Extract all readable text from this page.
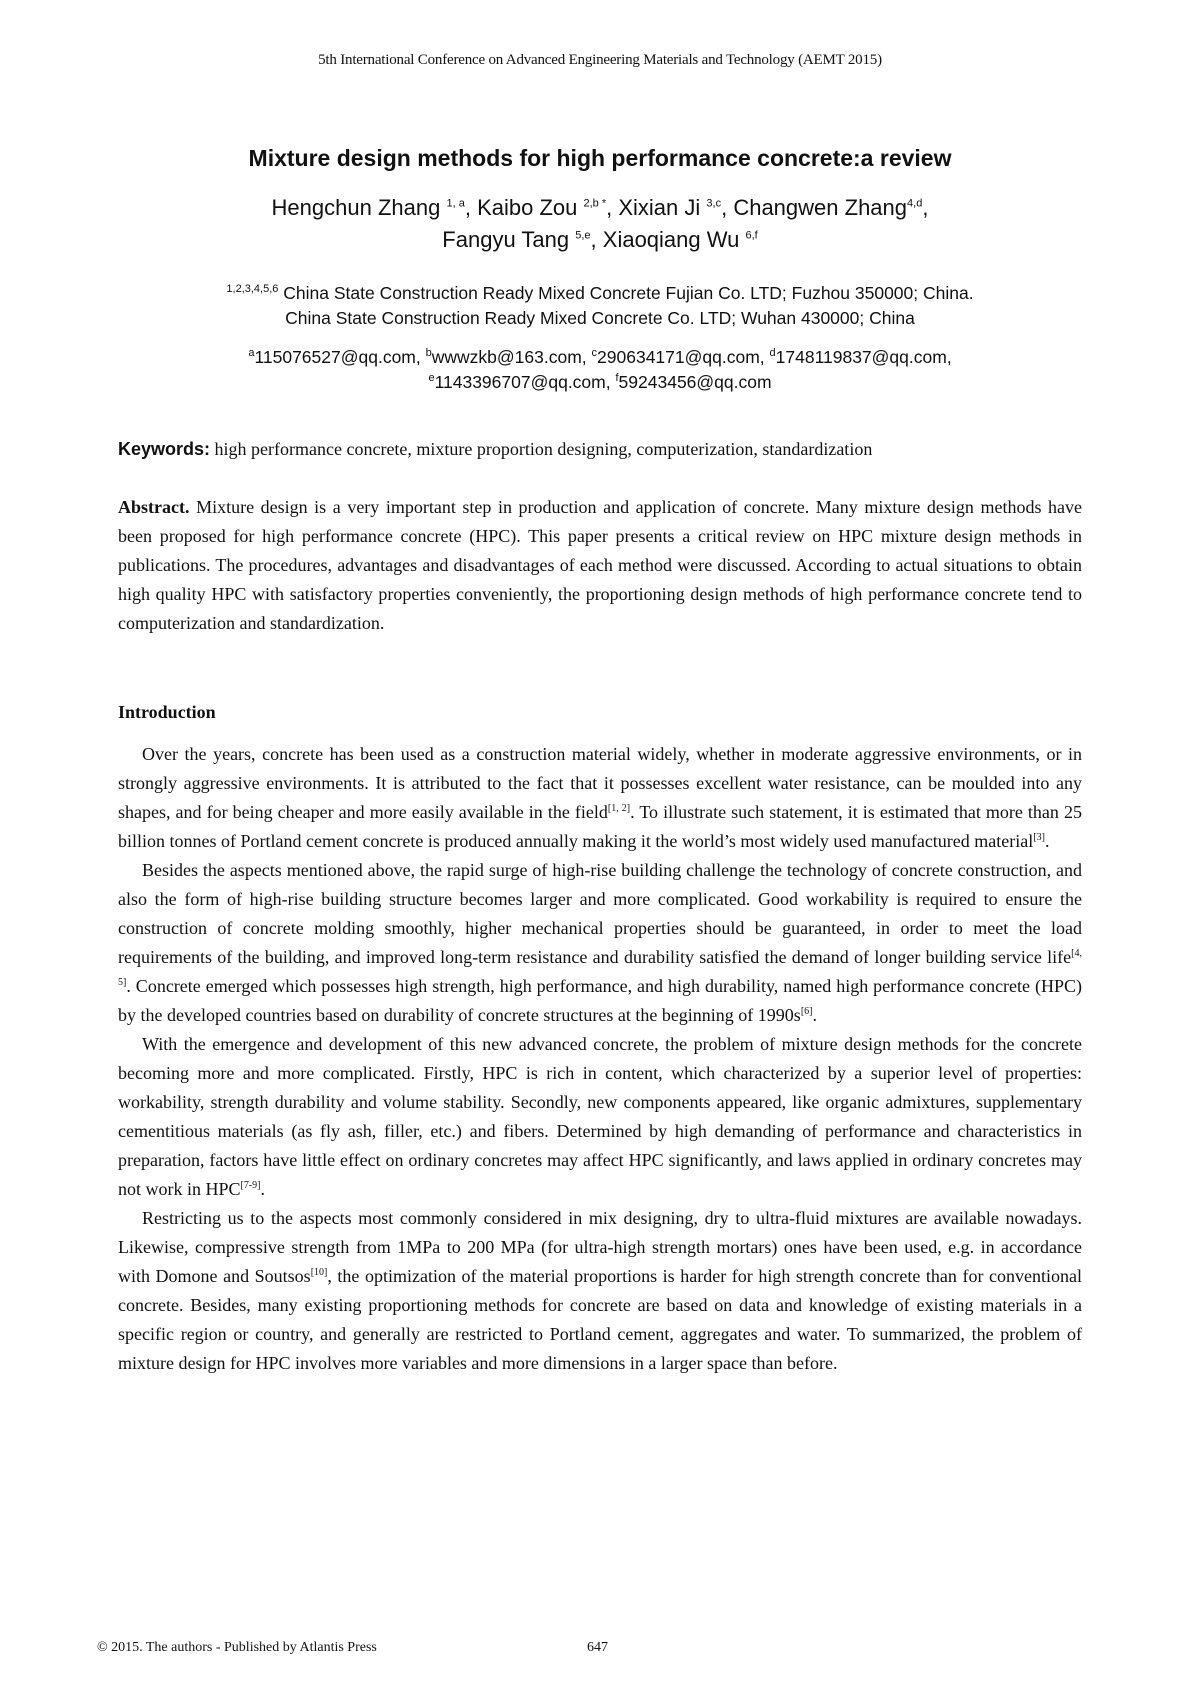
5th International Conference on Advanced Engineering Materials and Technology (AEMT 2015)
Mixture design methods for high performance concrete:a review
Hengchun Zhang $^{1, a}$, Kaibo Zou $^{2,b *}$, Xixian Ji $^{3,c}$, Changwen Zhang$^{4,d}$,
Fangyu Tang $^{5,e}$, Xiaoqiang Wu $^{6,f}$
$^{1,2,3,4,5,6}$ China State Construction Ready Mixed Concrete Fujian Co. LTD; Fuzhou 350000; China.
China State Construction Ready Mixed Concrete Co. LTD; Wuhan 430000; China
$^a$115076527@qq.com, $^b$wwwzkb@163.com, $^c$290634171@qq.com, $^d$1748119837@qq.com,
$^e$1143396707@qq.com, $^f$59243456@qq.com
Keywords: high performance concrete, mixture proportion designing, computerization, standardization
Abstract. Mixture design is a very important step in production and application of concrete. Many mixture design methods have been proposed for high performance concrete (HPC). This paper presents a critical review on HPC mixture design methods in publications. The procedures, advantages and disadvantages of each method were discussed. According to actual situations to obtain high quality HPC with satisfactory properties conveniently, the proportioning design methods of high performance concrete tend to computerization and standardization.
Introduction

Over the years, concrete has been used as a construction material widely, whether in moderate aggressive environments, or in strongly aggressive environments. It is attributed to the fact that it possesses excellent water resistance, can be moulded into any shapes, and for being cheaper and more easily available in the field[1, 2]. To illustrate such statement, it is estimated that more than 25 billion tonnes of Portland cement concrete is produced annually making it the world’s most widely used manufactured material[3].

Besides the aspects mentioned above, the rapid surge of high-rise building challenge the technology of concrete construction, and also the form of high-rise building structure becomes larger and more complicated. Good workability is required to ensure the construction of concrete molding smoothly, higher mechanical properties should be guaranteed, in order to meet the load requirements of the building, and improved long-term resistance and durability satisfied the demand of longer building service life[4, 5]. Concrete emerged which possesses high strength, high performance, and high durability, named high performance concrete (HPC) by the developed countries based on durability of concrete structures at the beginning of 1990s[6].

With the emergence and development of this new advanced concrete, the problem of mixture design methods for the concrete becoming more and more complicated. Firstly, HPC is rich in content, which characterized by a superior level of properties: workability, strength durability and volume stability. Secondly, new components appeared, like organic admixtures, supplementary cementitious materials (as fly ash, filler, etc.) and fibers. Determined by high demanding of performance and characteristics in preparation, factors have little effect on ordinary concretes may affect HPC significantly, and laws applied in ordinary concretes may not work in HPC[7-9].

Restricting us to the aspects most commonly considered in mix designing, dry to ultra-fluid mixtures are available nowadays. Likewise, compressive strength from 1MPa to 200 MPa (for ultra-high strength mortars) ones have been used, e.g. in accordance with Domone and Soutsos[10], the optimization of the material proportions is harder for high strength concrete than for conventional concrete. Besides, many existing proportioning methods for concrete are based on data and knowledge of existing materials in a specific region or country, and generally are restricted to Portland cement, aggregates and water. To summarized, the problem of mixture design for HPC involves more variables and more dimensions in a larger space than before.

© 2015. The authors - Published by Atlantis Press	647
